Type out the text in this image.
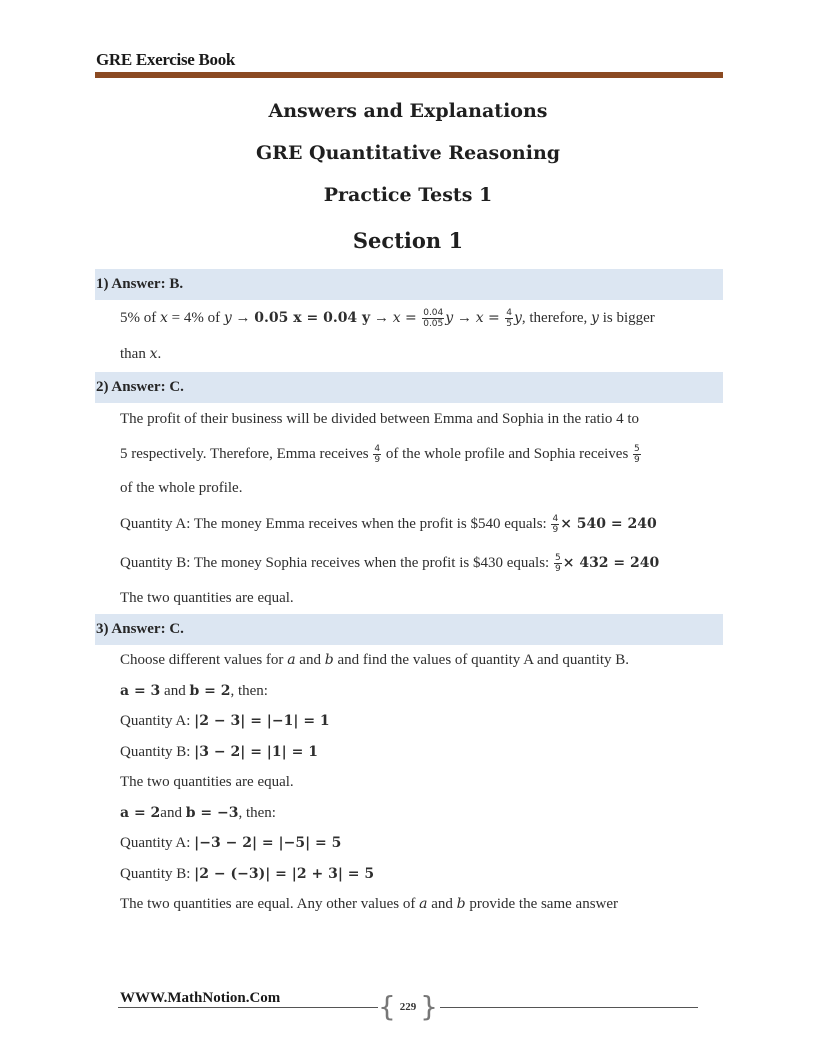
GRE Exercise Book
Answers and Explanations
GRE Quantitative Reasoning
Practice Tests 1
Section 1
1) Answer: B.
5% of x = 4% of y → 0.05 x = 0.04 $y \to x = \frac{0.04}{0.05}$ $y \to x = \frac{4}{5} y$, therefore, y is bigger
than x.
2) Answer: C.
The profit of their business will be divided between Emma and Sophia in the ratio 4 to
5 respectively. Therefore, Emma receives $\frac{4}{9}$ of the whole profile and Sophia receives $\frac{5}{9}$
of the whole profile.
Quantity A: The money Emma receives when the profit is $540 equals: $\frac{4}{9} \times 540 = 240$
Quantity B: The money Sophia receives when the profit is $430 equals: $\frac{5}{9} \times 432 = 240$
The two quantities are equal.
3) Answer: C.
Choose different values for a and b and find the values of quantity A and quantity B.
a = 3 and b = 2, then:
Quantity A: |2 − 3| = |−1| = 1
Quantity B: |3 − 2| = |1| = 1
The two quantities are equal.
a = 2and b = −3, then:
Quantity A: |−3 − 2| = |−5| = 5
Quantity B: |2 − (−3)| = |2 + 3| = 5
The two quantities are equal. Any other values of a and b provide the same answer
WWW.MathNotion.Com	{ 229 }
